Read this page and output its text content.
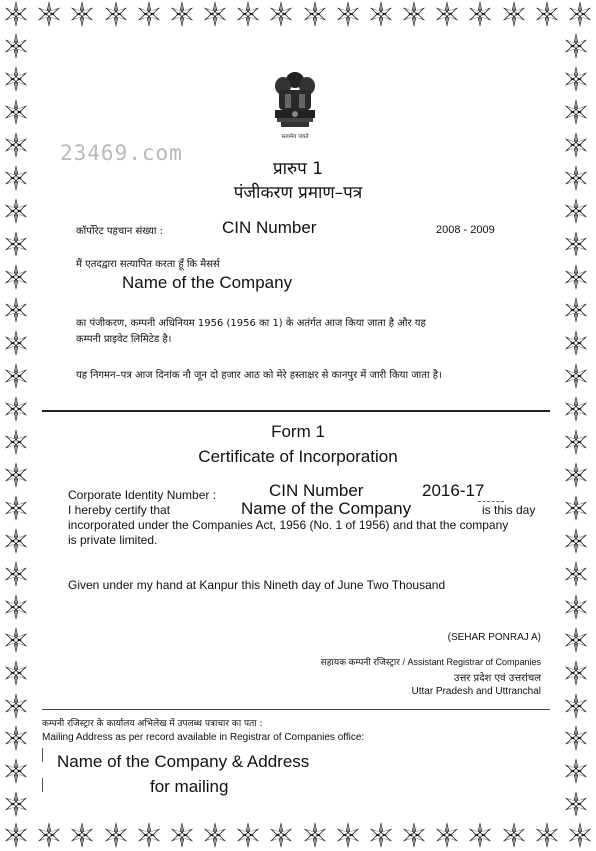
23469.com
सत्यमेव जयते
प्रारुप 1
पंजीकरण प्रमाण–पत्र
कॉर्पोरेट पहचान संख्या :	CIN Number	2008 - 2009
मैं एतदद्वारा सत्यापित करता हूँ कि मैसर्स
Name of the Company
का पंजीकरण, कम्पनी अधिनियम 1956 (1956 का 1) के अतंर्गत आज किया जाता है और यह
कम्पनी प्राइवेट लिमिटेड है।
यह निगमन–पत्र आज दिनांक नौ जून दो हजार आठ को मेरे हस्ताक्षर से कानपुर में जारी किया जाता है।
Form 1
Certificate of Incorporation
Corporate Identity Number :	CIN Number	2016-17
I hereby certify that	Name of the Company	is this day
incorporated under the Companies Act, 1956 (No. 1 of 1956) and that the company
is private limited.
Given under my hand at Kanpur this Nineth day of June Two Thousand
(SEHAR PONRAJ A)
सहायक कम्पनी रजिस्ट्रार / Assistant Registrar of Companies
उत्तर प्रदेश एवं उत्तरांचल
Uttar Pradesh and Uttranchal
कम्पनी रजिस्ट्रार के कार्यालय अभिलेख में उपलब्ध पत्राचार का पता :
Mailing Address as per record available in Registrar of Companies office:
Name of the Company & Address
for mailing
